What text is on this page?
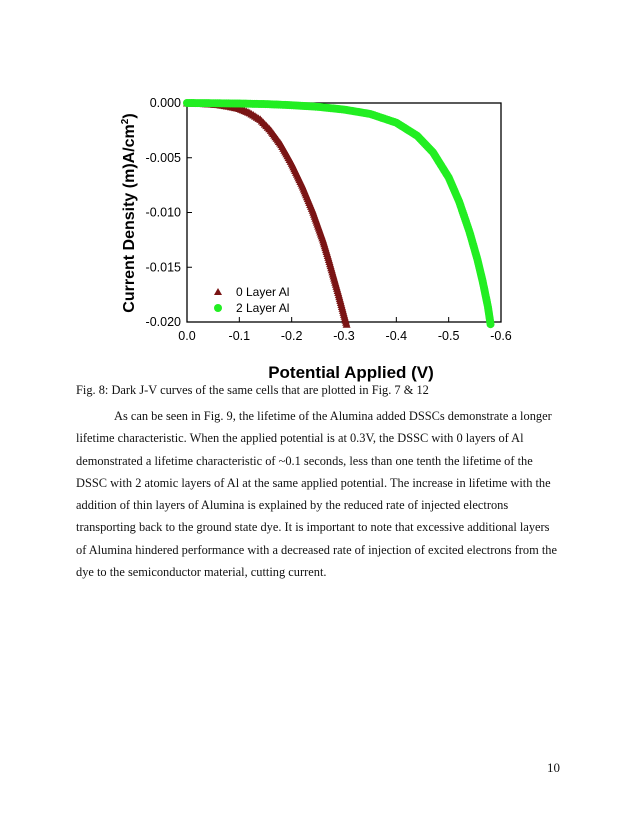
0.0	-0.1 -0.2 -0.3 -0.4 -0.5 -0.6
0.000
-0.005
-0.010
-0.015
-0.020
0 Layer Al
2 Layer Al
Potential Applied (V)
Current Density $(m)A/cm^2$)
Fig. 8: Dark J-V curves of the same cells that are plotted in Fig. 7 & 12

As can be seen in Fig. 9, the lifetime of the Alumina added DSSCs demonstrate a longer
lifetime characteristic. When the applied potential is at 0.3V, the DSSC with 0 layers of Al
demonstrated a lifetime characteristic of ~0.1 seconds, less than one tenth the lifetime of the
DSSC with 2 atomic layers of Al at the same applied potential. The increase in lifetime with the
addition of thin layers of Alumina is explained by the reduced rate of injected electrons
transporting back to the ground state dye. It is important to note that excessive additional layers
of Alumina hindered performance with a decreased rate of injection of excited electrons from the
dye to the semiconductor material, cutting current.

10
